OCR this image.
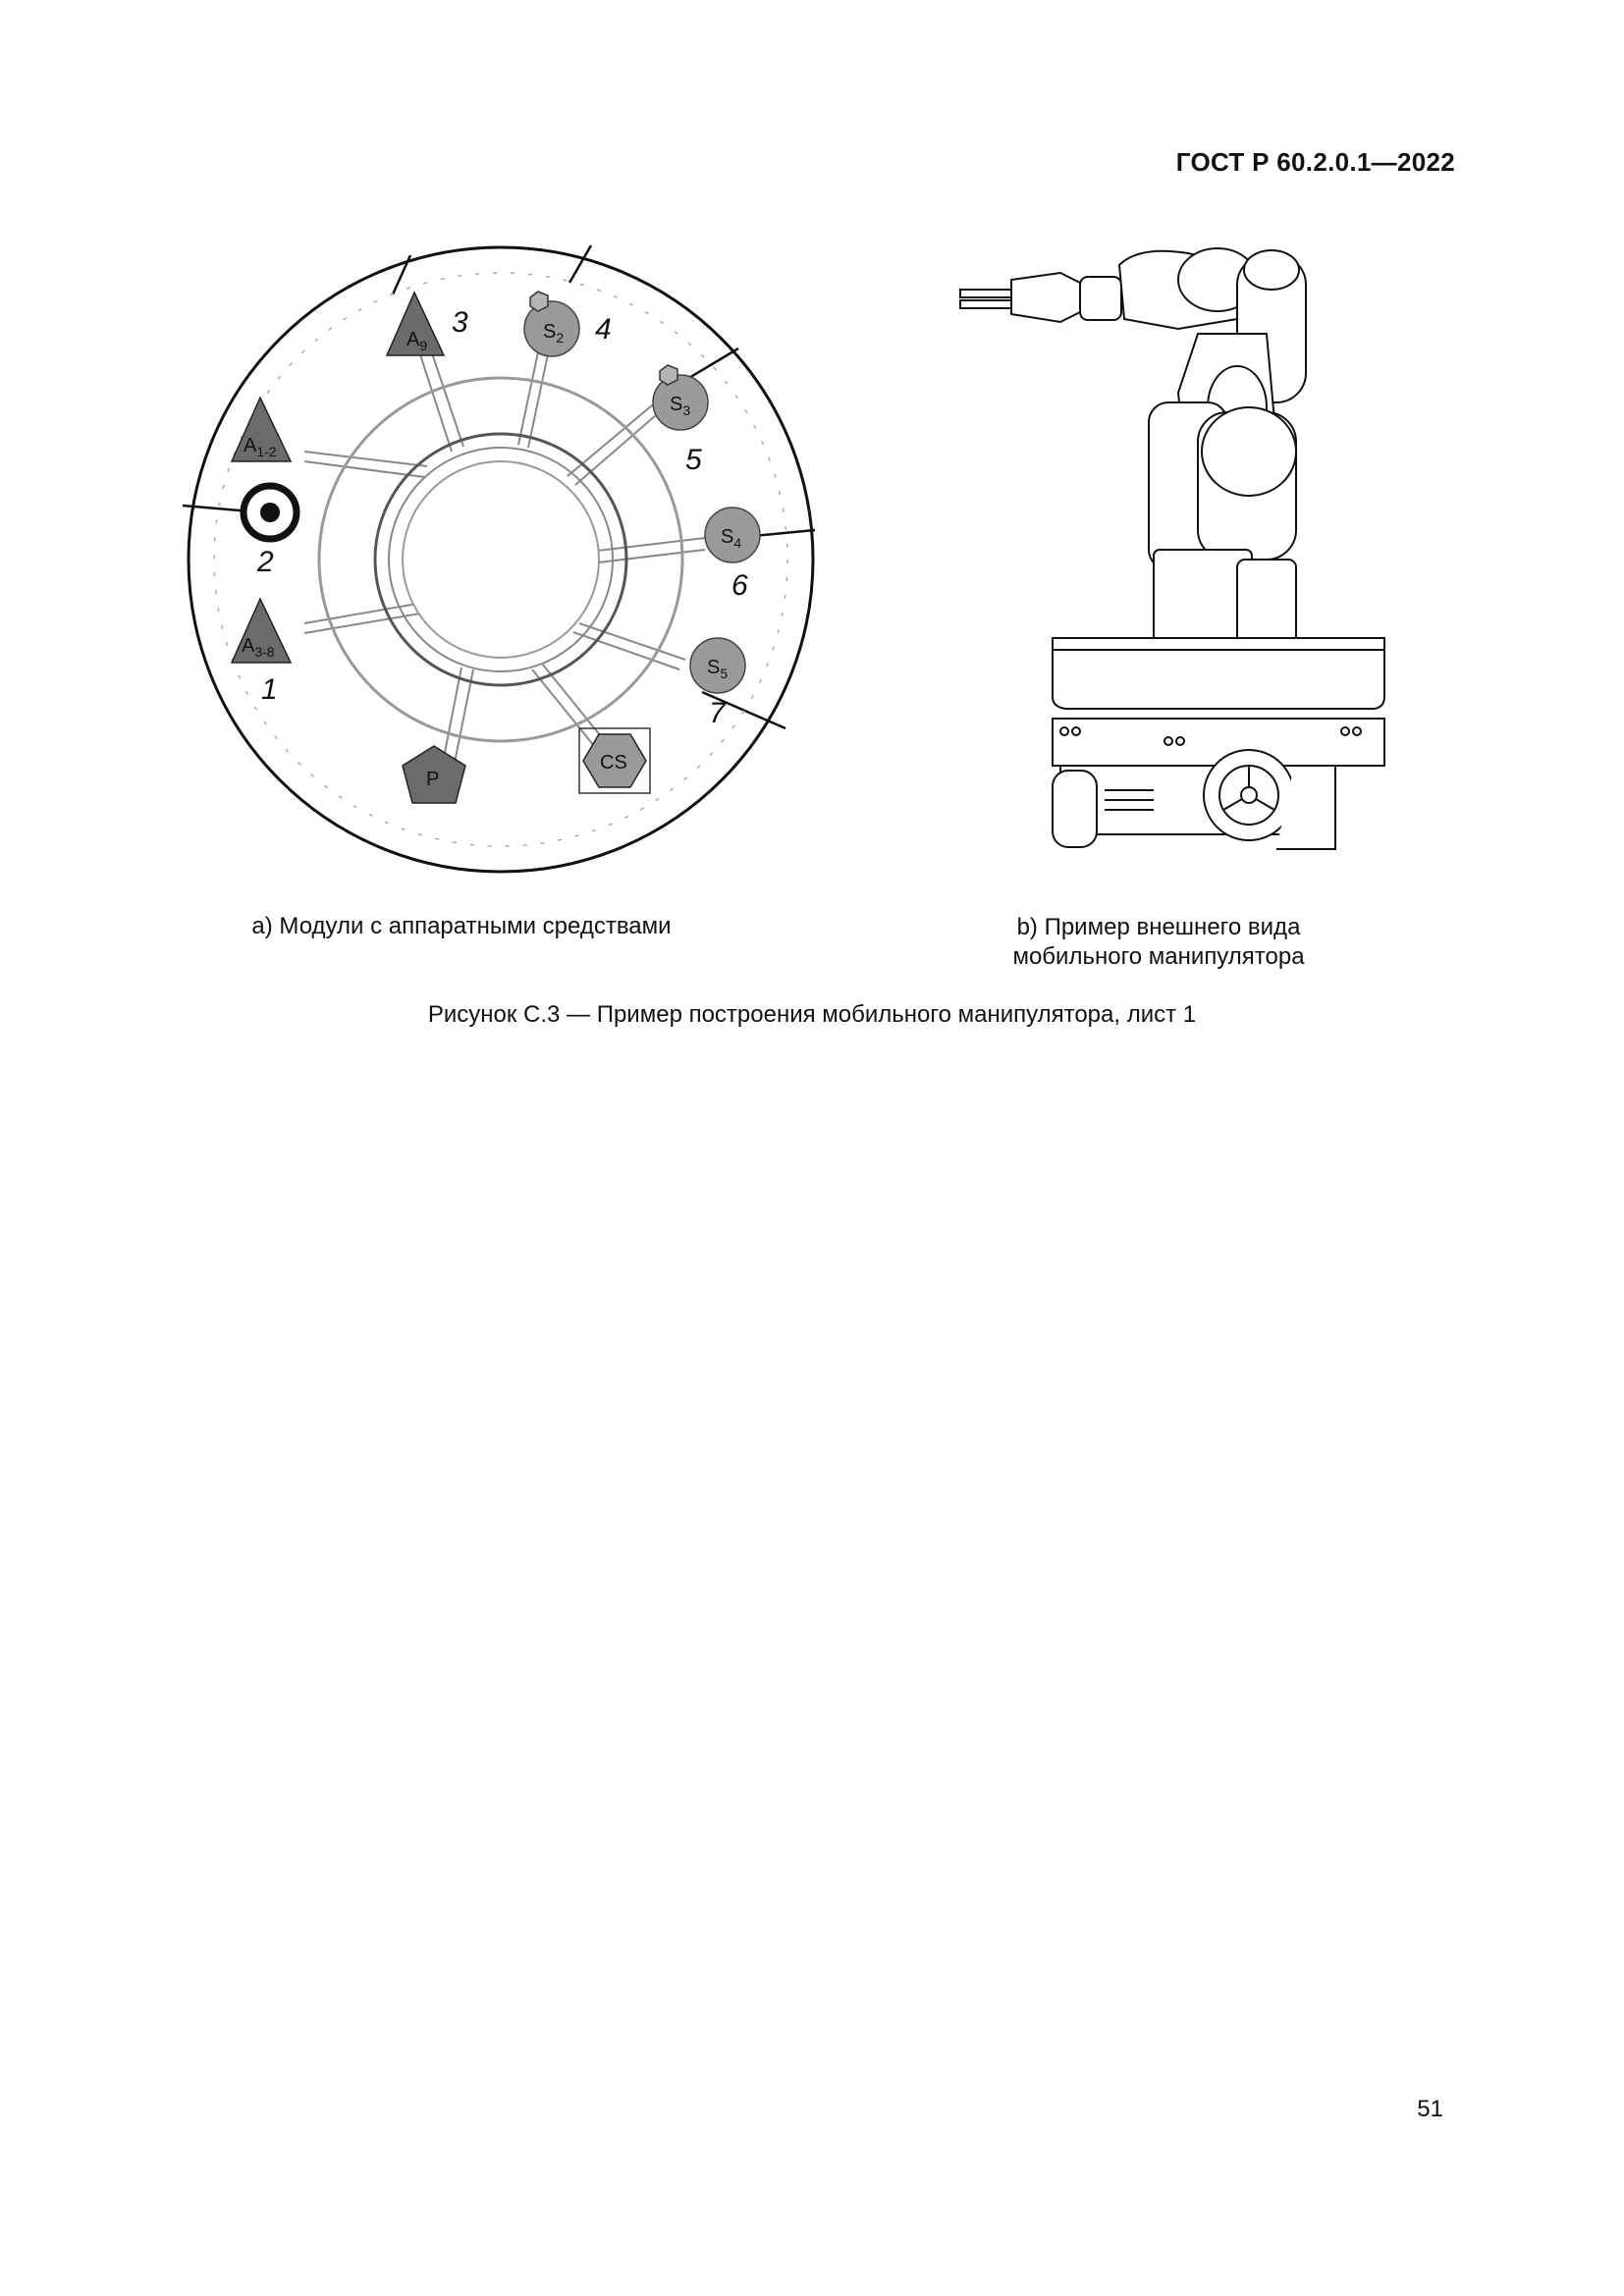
ГОСТ Р 60.2.0.1—2022
$A_{1-2}$
2
$A_{3-8}$
1
$A_9$
3	$S_2$ 4
$S_3$
5
$S_4$
6
$S_5$
7
P
CS
а) Модули с аппаратными средствами	b) Пример внешнего вида
мобильного манипулятора
Рисунок С.3 — Пример построения мобильного манипулятора, лист 1
51
